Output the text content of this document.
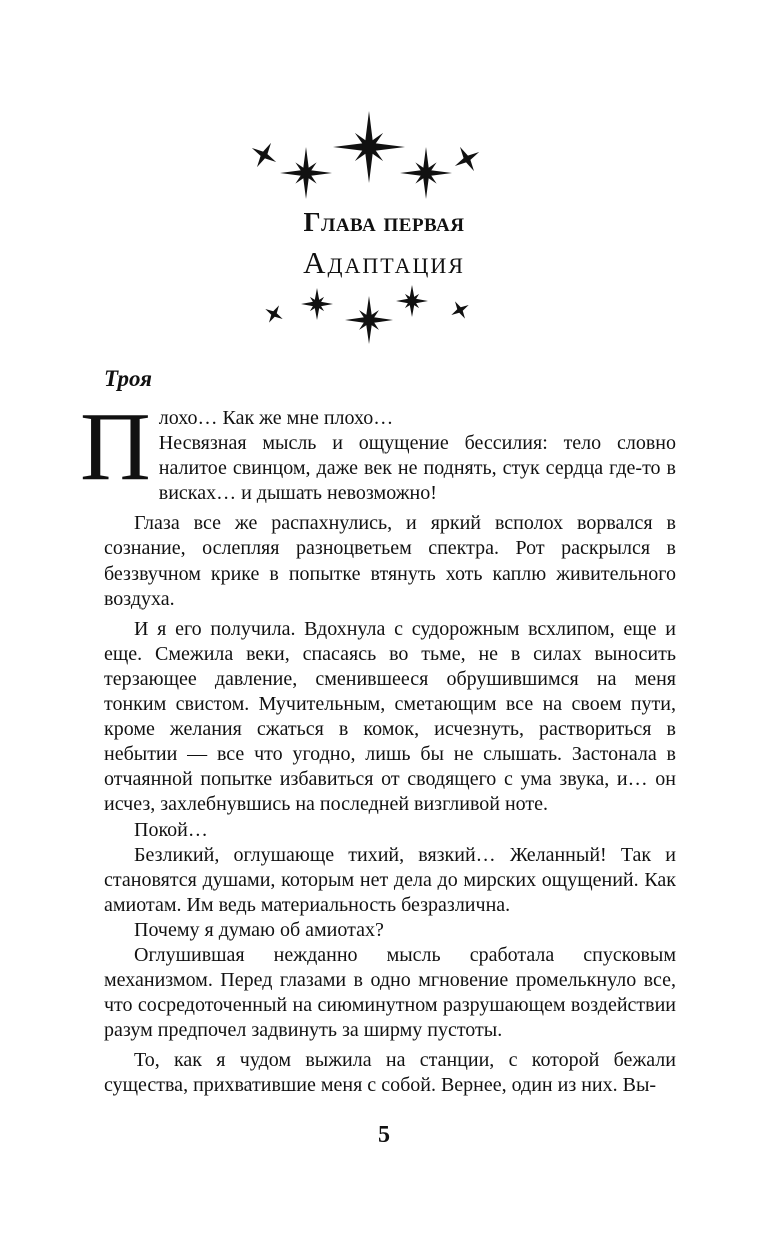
Глава первая
Адаптация
Троя

Плохо… Как же мне плохо…

Несвязная мысль и ощущение бессилия: тело словно налитое свинцом, даже век не поднять, стук сердца где-то в висках… и дышать невозможно!

Глаза все же распахнулись, и яркий всполох ворвался в сознание, ослепляя разноцветьем спектра. Рот раскрылся в беззвучном крике в попытке втянуть хоть каплю живительного воздуха.

И я его получила. Вдохнула с судорожным всхлипом, еще и еще. Смежила веки, спасаясь во тьме, не в силах выносить терзающее давление, сменившееся обрушившимся на меня тонким свистом. Мучительным, сметающим все на своем пути, кроме желания сжаться в комок, исчезнуть, раствориться в небытии — все что угодно, лишь бы не слышать. Застонала в отчаянной попытке избавиться от сводящего с ума звука, и… он исчез, захлебнувшись на последней визгливой ноте.

Покой…

Безликий, оглушающе тихий, вязкий… Желанный! Так и становятся душами, которым нет дела до мирских ощущений. Как амиотам. Им ведь материальность безразлична.

Почему я думаю об амиотах?

Оглушившая нежданно мысль сработала спусковым механизмом. Перед глазами в одно мгновение промелькнуло все, что сосредоточенный на сиюминутном разрушающем воздействии разум предпочел задвинуть за ширму пустоты.

То, как я чудом выжила на станции, с которой бежали существа, прихватившие меня с собой. Вернее, один из них. Вы-

5
